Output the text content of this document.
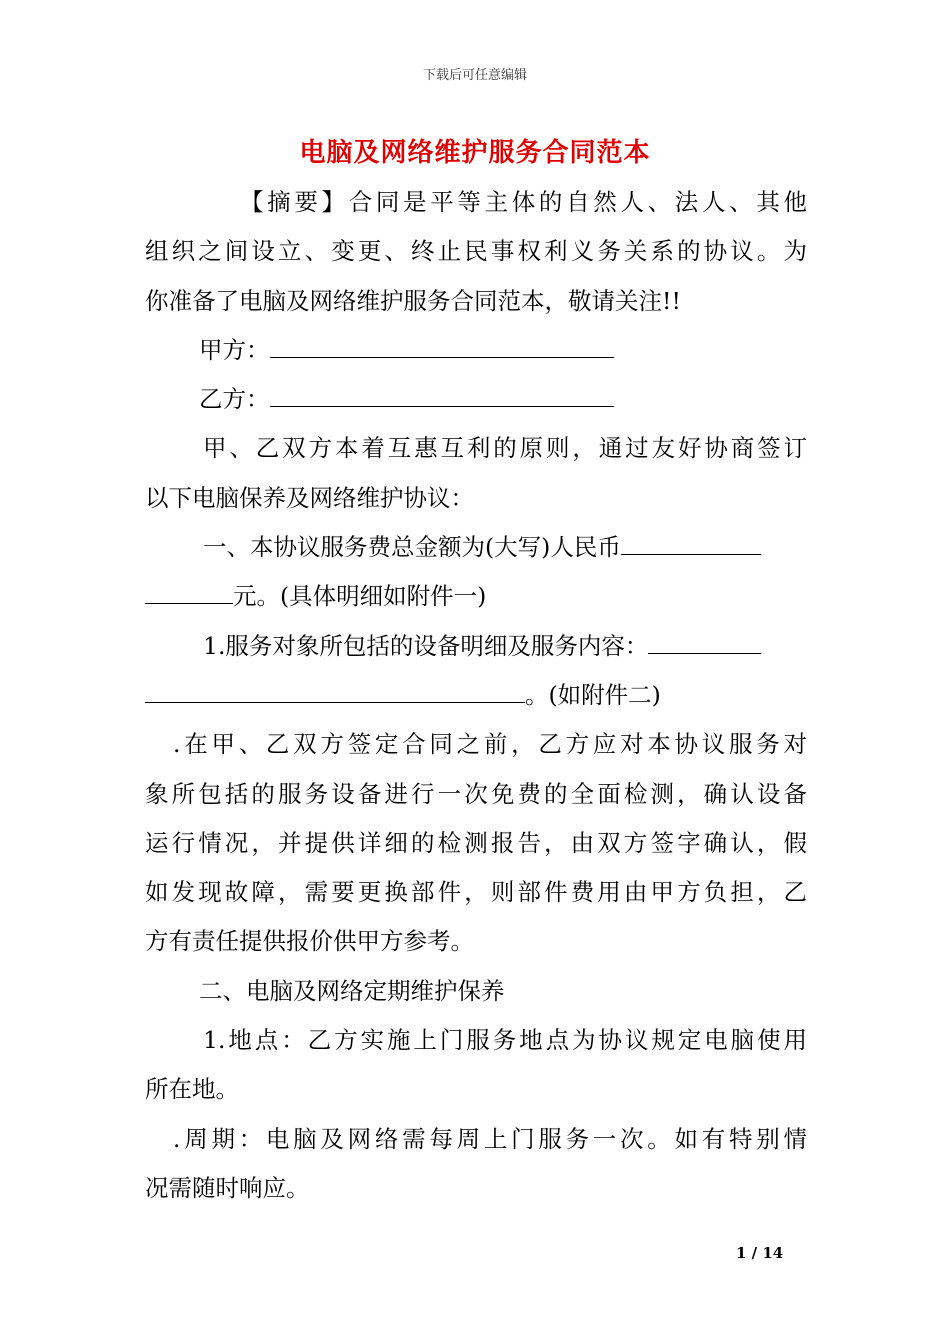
下载后可任意编辑
电脑及网络维护服务合同范本
【摘要】合同是平等主体的自然人、法人、其他
组织之间设立、变更、终止民事权利义务关系的协议。为
你准备了电脑及网络维护服务合同范本，敬请关注!!
甲方：
乙方：
甲、乙双方本着互惠互利的原则，通过友好协商签订
以下电脑保养及网络维护协议：
一、本协议服务费总金额为(大写)人民币
元。(具体明细如附件一)
1.服务对象所包括的设备明细及服务内容：
。(如附件二)
.在甲、乙双方签定合同之前，乙方应对本协议服务对
象所包括的服务设备进行一次免费的全面检测，确认设备
运行情况，并提供详细的检测报告，由双方签字确认，假
如发现故障，需要更换部件，则部件费用由甲方负担，乙
方有责任提供报价供甲方参考。
二、电脑及网络定期维护保养
1.地点：乙方实施上门服务地点为协议规定电脑使用
所在地。
.周期：电脑及网络需每周上门服务一次。如有特别情
况需随时响应。
1 / 14
